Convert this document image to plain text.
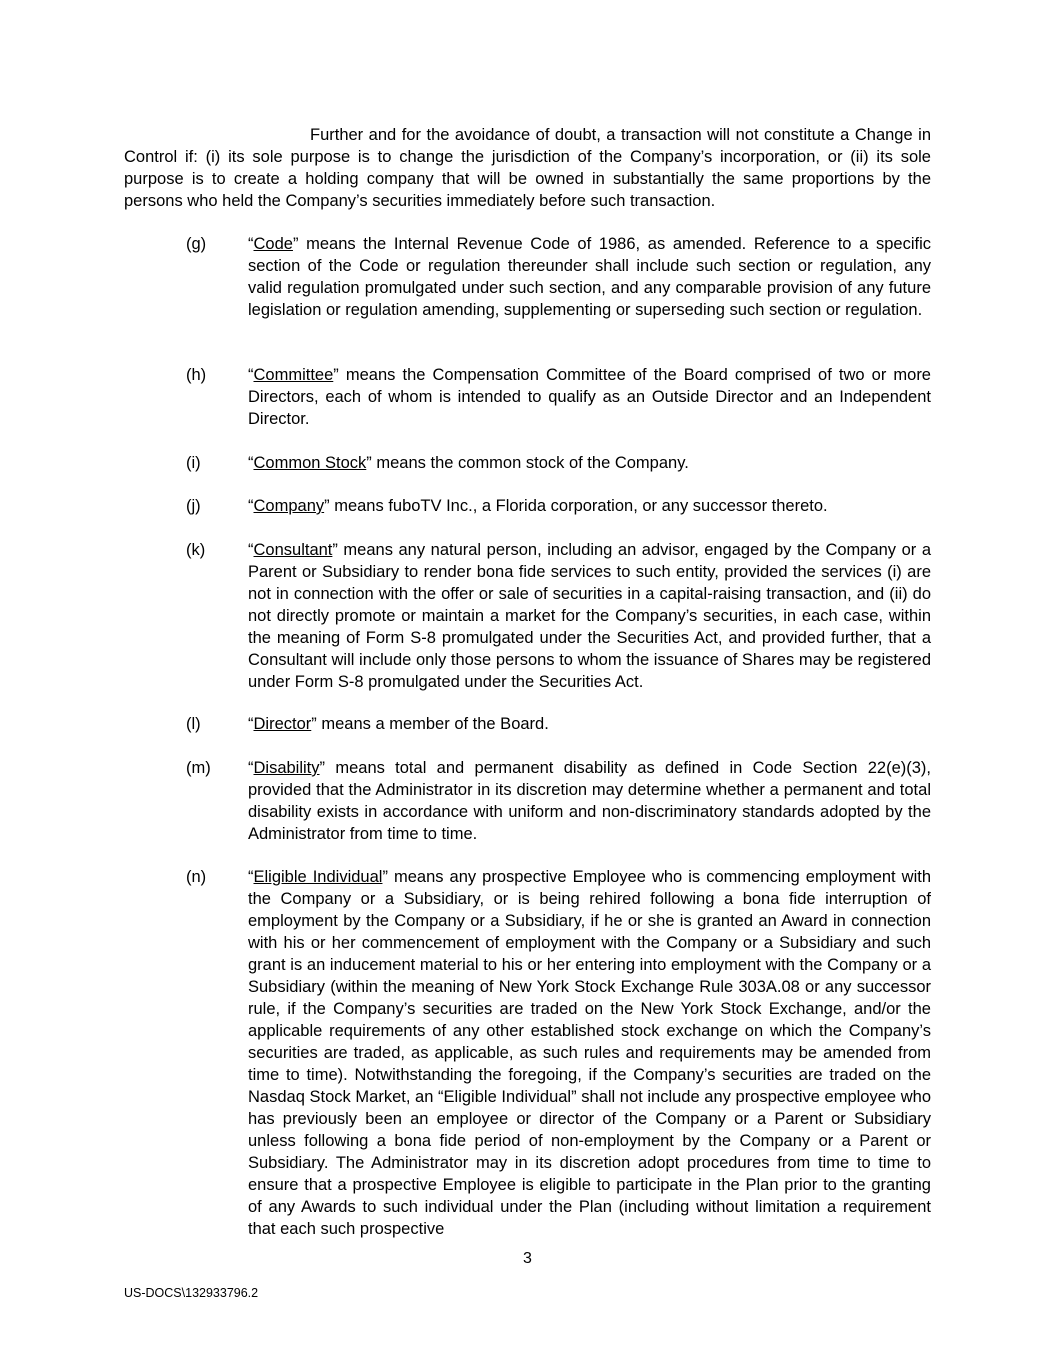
Further and for the avoidance of doubt, a transaction will not constitute a Change in Control if: (i) its sole purpose is to change the jurisdiction of the Company’s incorporation, or (ii) its sole purpose is to create a holding company that will be owned in substantially the same proportions by the persons who held the Company’s securities immediately before such transaction.

(g)	“Code” means the Internal Revenue Code of 1986, as amended. Reference to a specific section of the Code or regulation thereunder shall include such section or regulation, any valid regulation promulgated under such section, and any comparable provision of any future legislation or regulation amending, supplementing or superseding such section or regulation.
(h)	“Committee” means the Compensation Committee of the Board comprised of two or more Directors, each of whom is intended to qualify as an Outside Director and an Independent Director.
(i)	“Common Stock” means the common stock of the Company.
(j)	“Company” means fuboTV Inc., a Florida corporation, or any successor thereto.
(k)	“Consultant” means any natural person, including an advisor, engaged by the Company or a Parent or Subsidiary to render bona fide services to such entity, provided the services (i) are not in connection with the offer or sale of securities in a capital-raising transaction, and (ii) do not directly promote or maintain a market for the Company’s securities, in each case, within the meaning of Form S-8 promulgated under the Securities Act, and provided further, that a Consultant will include only those persons to whom the issuance of Shares may be registered under Form S-8 promulgated under the Securities Act.
(l)	“Director” means a member of the Board.
(m)	“Disability” means total and permanent disability as defined in Code Section 22(e)(3), provided that the Administrator in its discretion may determine whether a permanent and total disability exists in accordance with uniform and non-discriminatory standards adopted by the Administrator from time to time.
(n)	“Eligible Individual” means any prospective Employee who is commencing employment with the Company or a Subsidiary, or is being rehired following a bona fide interruption of employment by the Company or a Subsidiary, if he or she is granted an Award in connection with his or her commencement of employment with the Company or a Subsidiary and such grant is an inducement material to his or her entering into employment with the Company or a Subsidiary (within the meaning of New York Stock Exchange Rule 303A.08 or any successor rule, if the Company’s securities are traded on the New York Stock Exchange, and/or the applicable requirements of any other established stock exchange on which the Company’s securities are traded, as applicable, as such rules and requirements may be amended from time to time). Notwithstanding the foregoing, if the Company’s securities are traded on the Nasdaq Stock Market, an “Eligible Individual” shall not include any prospective employee who has previously been an employee or director of the Company or a Parent or Subsidiary unless following a bona fide period of non-employment by the Company or a Parent or Subsidiary. The Administrator may in its discretion adopt procedures from time to time to ensure that a prospective Employee is eligible to participate in the Plan prior to the granting of any Awards to such individual under the Plan (including without limitation a requirement that each such prospective
3
US-DOCS\132933796.2
